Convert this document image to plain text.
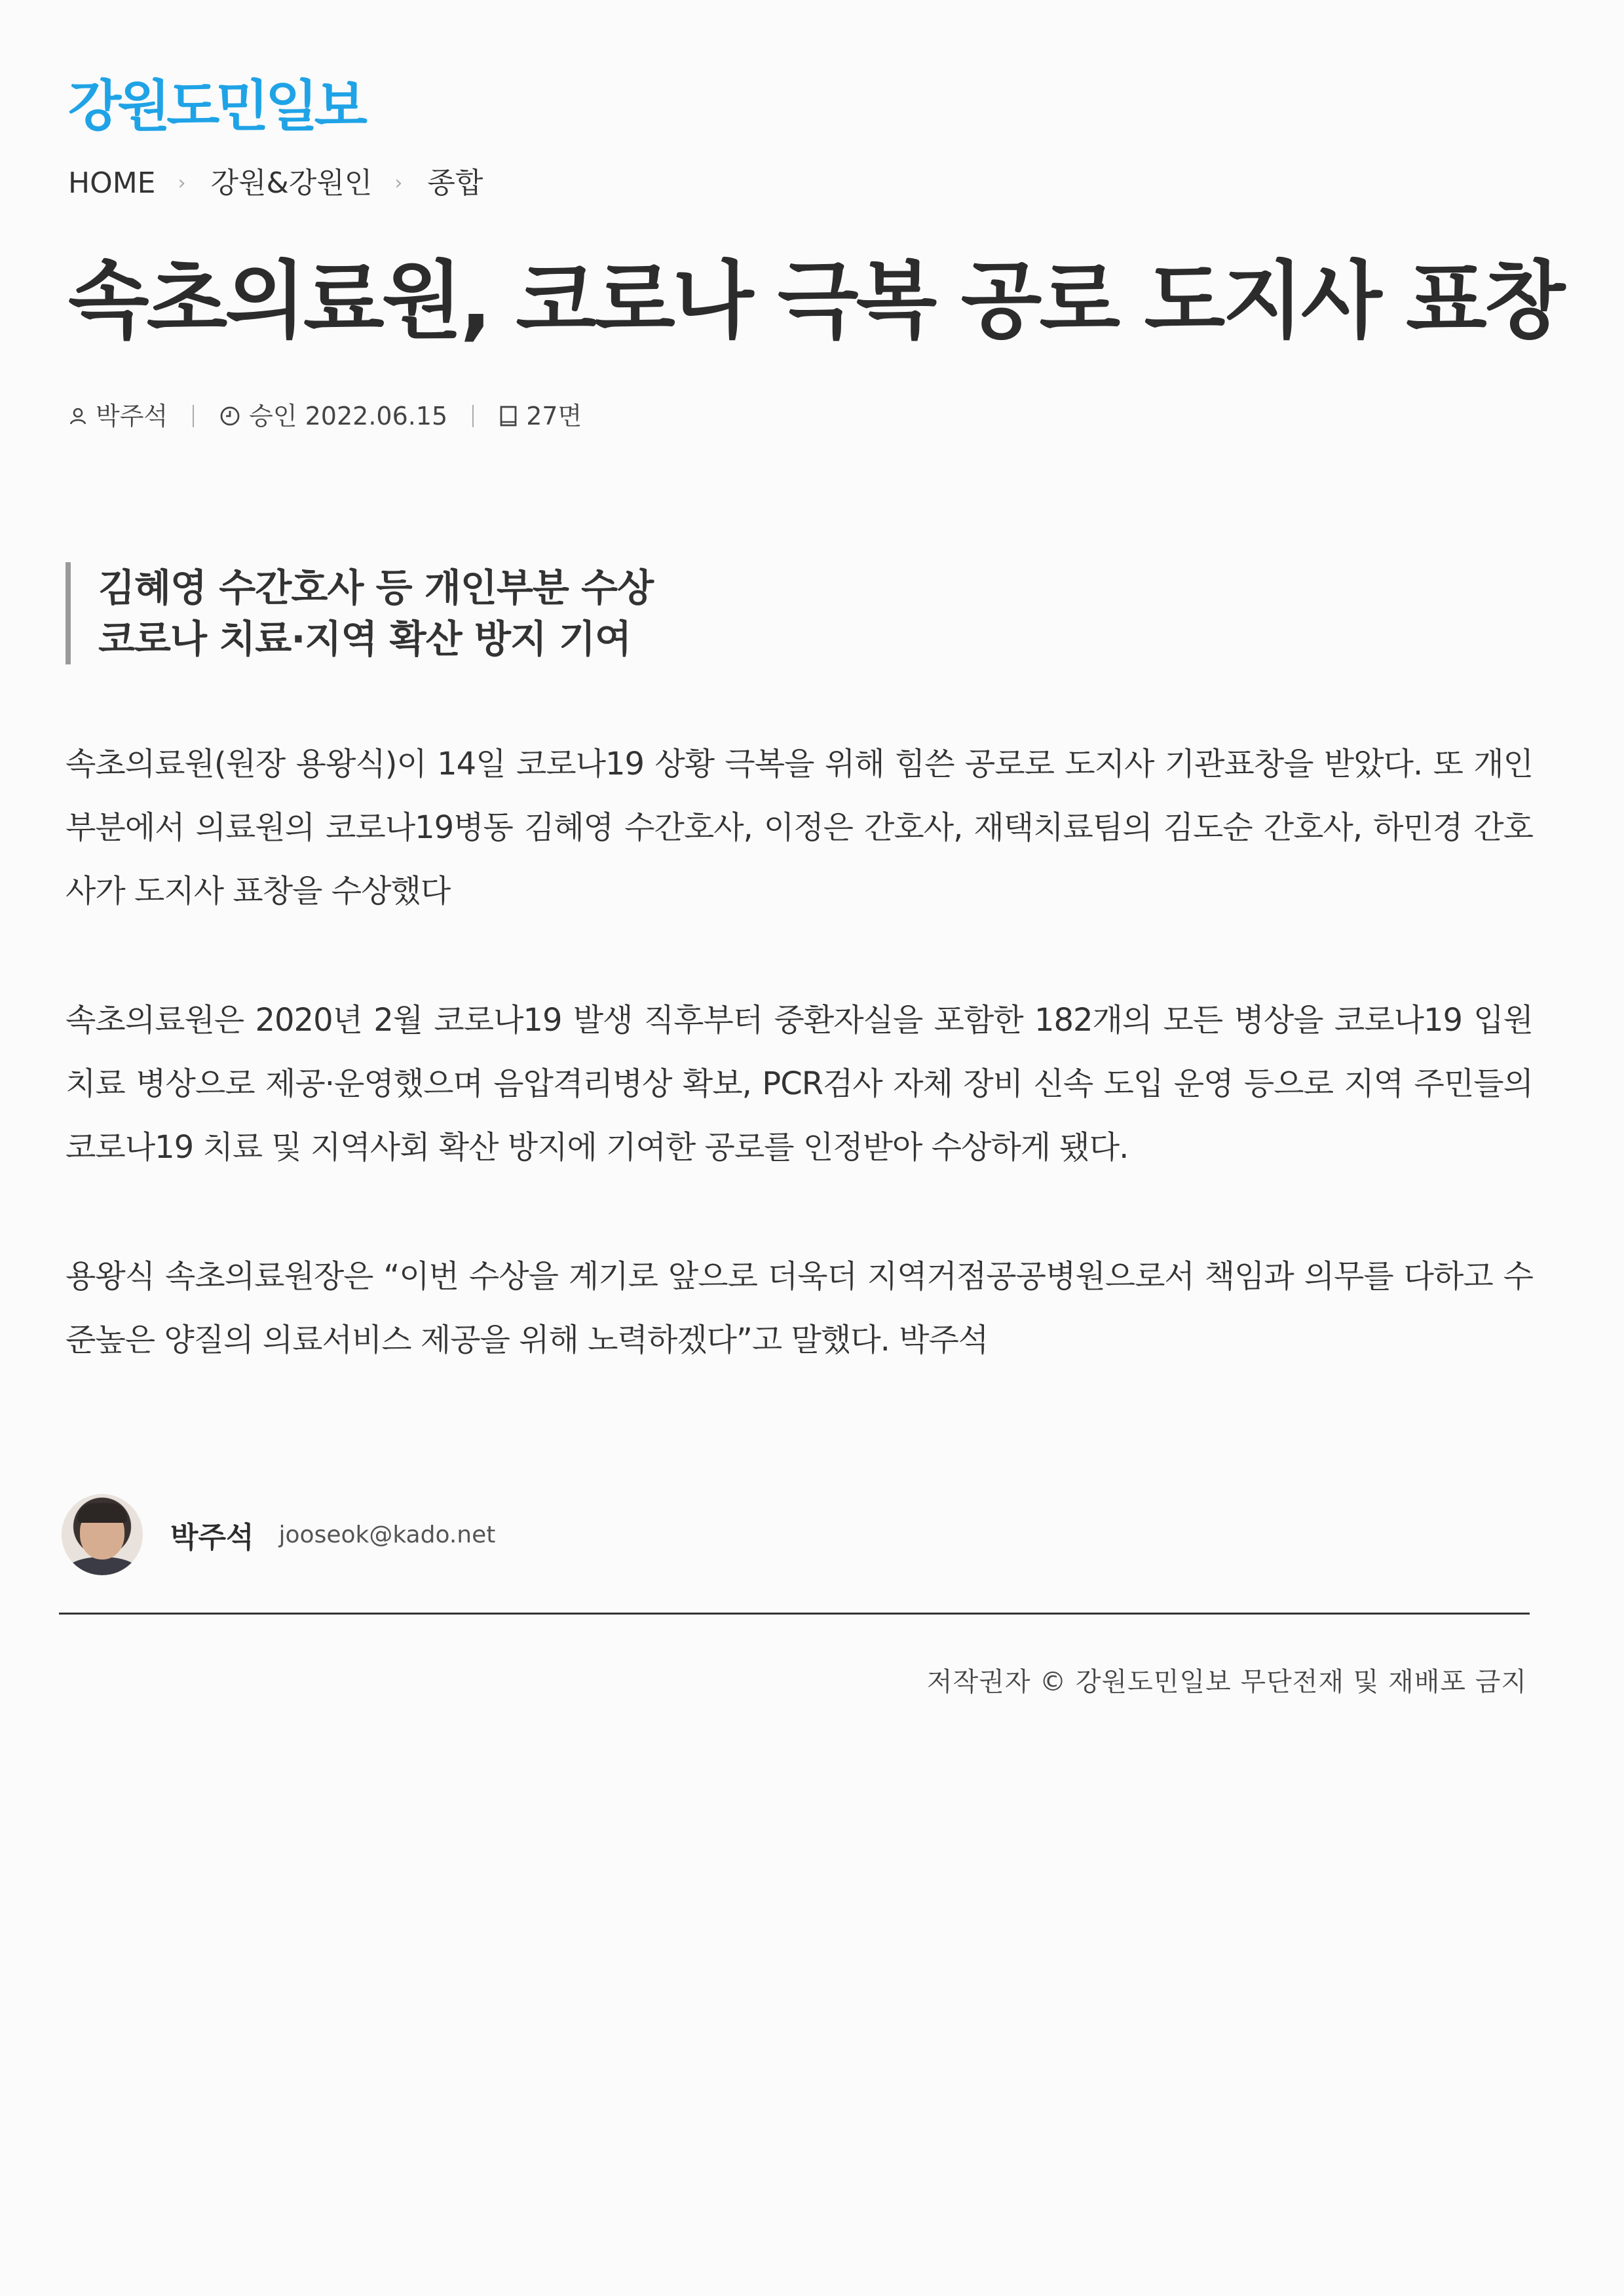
강원도민일보
HOME › 강원&강원인 › 종합
속초의료원, 코로나 극복 공로 도지사 표창
박주석	승인 2022.06.15	27면
김혜영 수간호사 등 개인부분 수상
코로나 치료·지역 확산 방지 기여

속초의료원(원장 용왕식)이 14일 코로나19 상황 극복을 위해 힘쓴 공로로 도지사 기관표창을 받았다. 또 개인부분에서 의료원의 코로나19병동 김혜영 수간호사, 이정은 간호사, 재택치료팀의 김도순 간호사, 하민경 간호사가 도지사 표창을 수상했다

속초의료원은 2020년 2월 코로나19 발생 직후부터 중환자실을 포함한 182개의 모든 병상을 코로나19 입원치료 병상으로 제공·운영했으며 음압격리병상 확보, PCR검사 자체 장비 신속 도입 운영 등으로 지역 주민들의 코로나19 치료 및 지역사회 확산 방지에 기여한 공로를 인정받아 수상하게 됐다.

용왕식 속초의료원장은 “이번 수상을 계기로 앞으로 더욱더 지역거점공공병원으로서 책임과 의무를 다하고 수준높은 양질의 의료서비스 제공을 위해 노력하겠다”고 말했다. 박주석

박주석 jooseok@kado.net
저작권자 © 강원도민일보 무단전재 및 재배포 금지
